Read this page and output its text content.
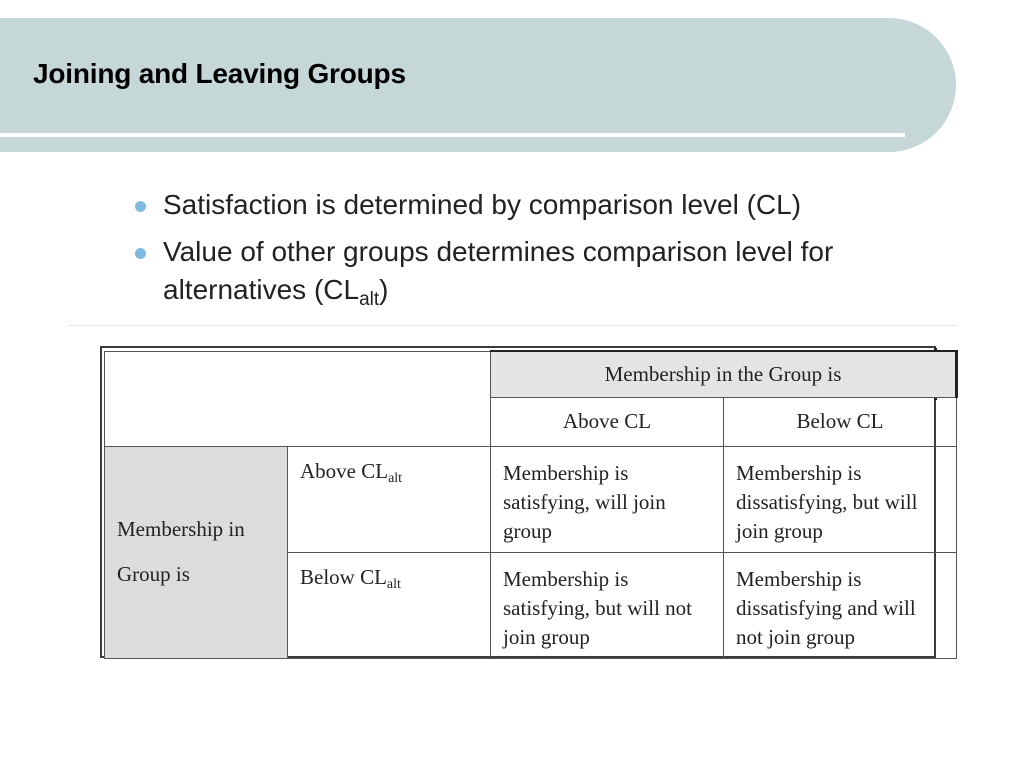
Joining and Leaving Groups
Satisfaction is determined by comparison level (CL)
Value of other groups determines comparison level for alternatives $(CL_{alt})$
		Membership in the Group is	
		Above CL	Below CL
Membership in Group is	Above $CL_{alt}$	Membership is satisfying, will join group	Membership is dissatisfying, but will join group
	Below $CL_{alt}$	Membership is satisfying, but will not join group	Membership is dissatisfying and will not join group
